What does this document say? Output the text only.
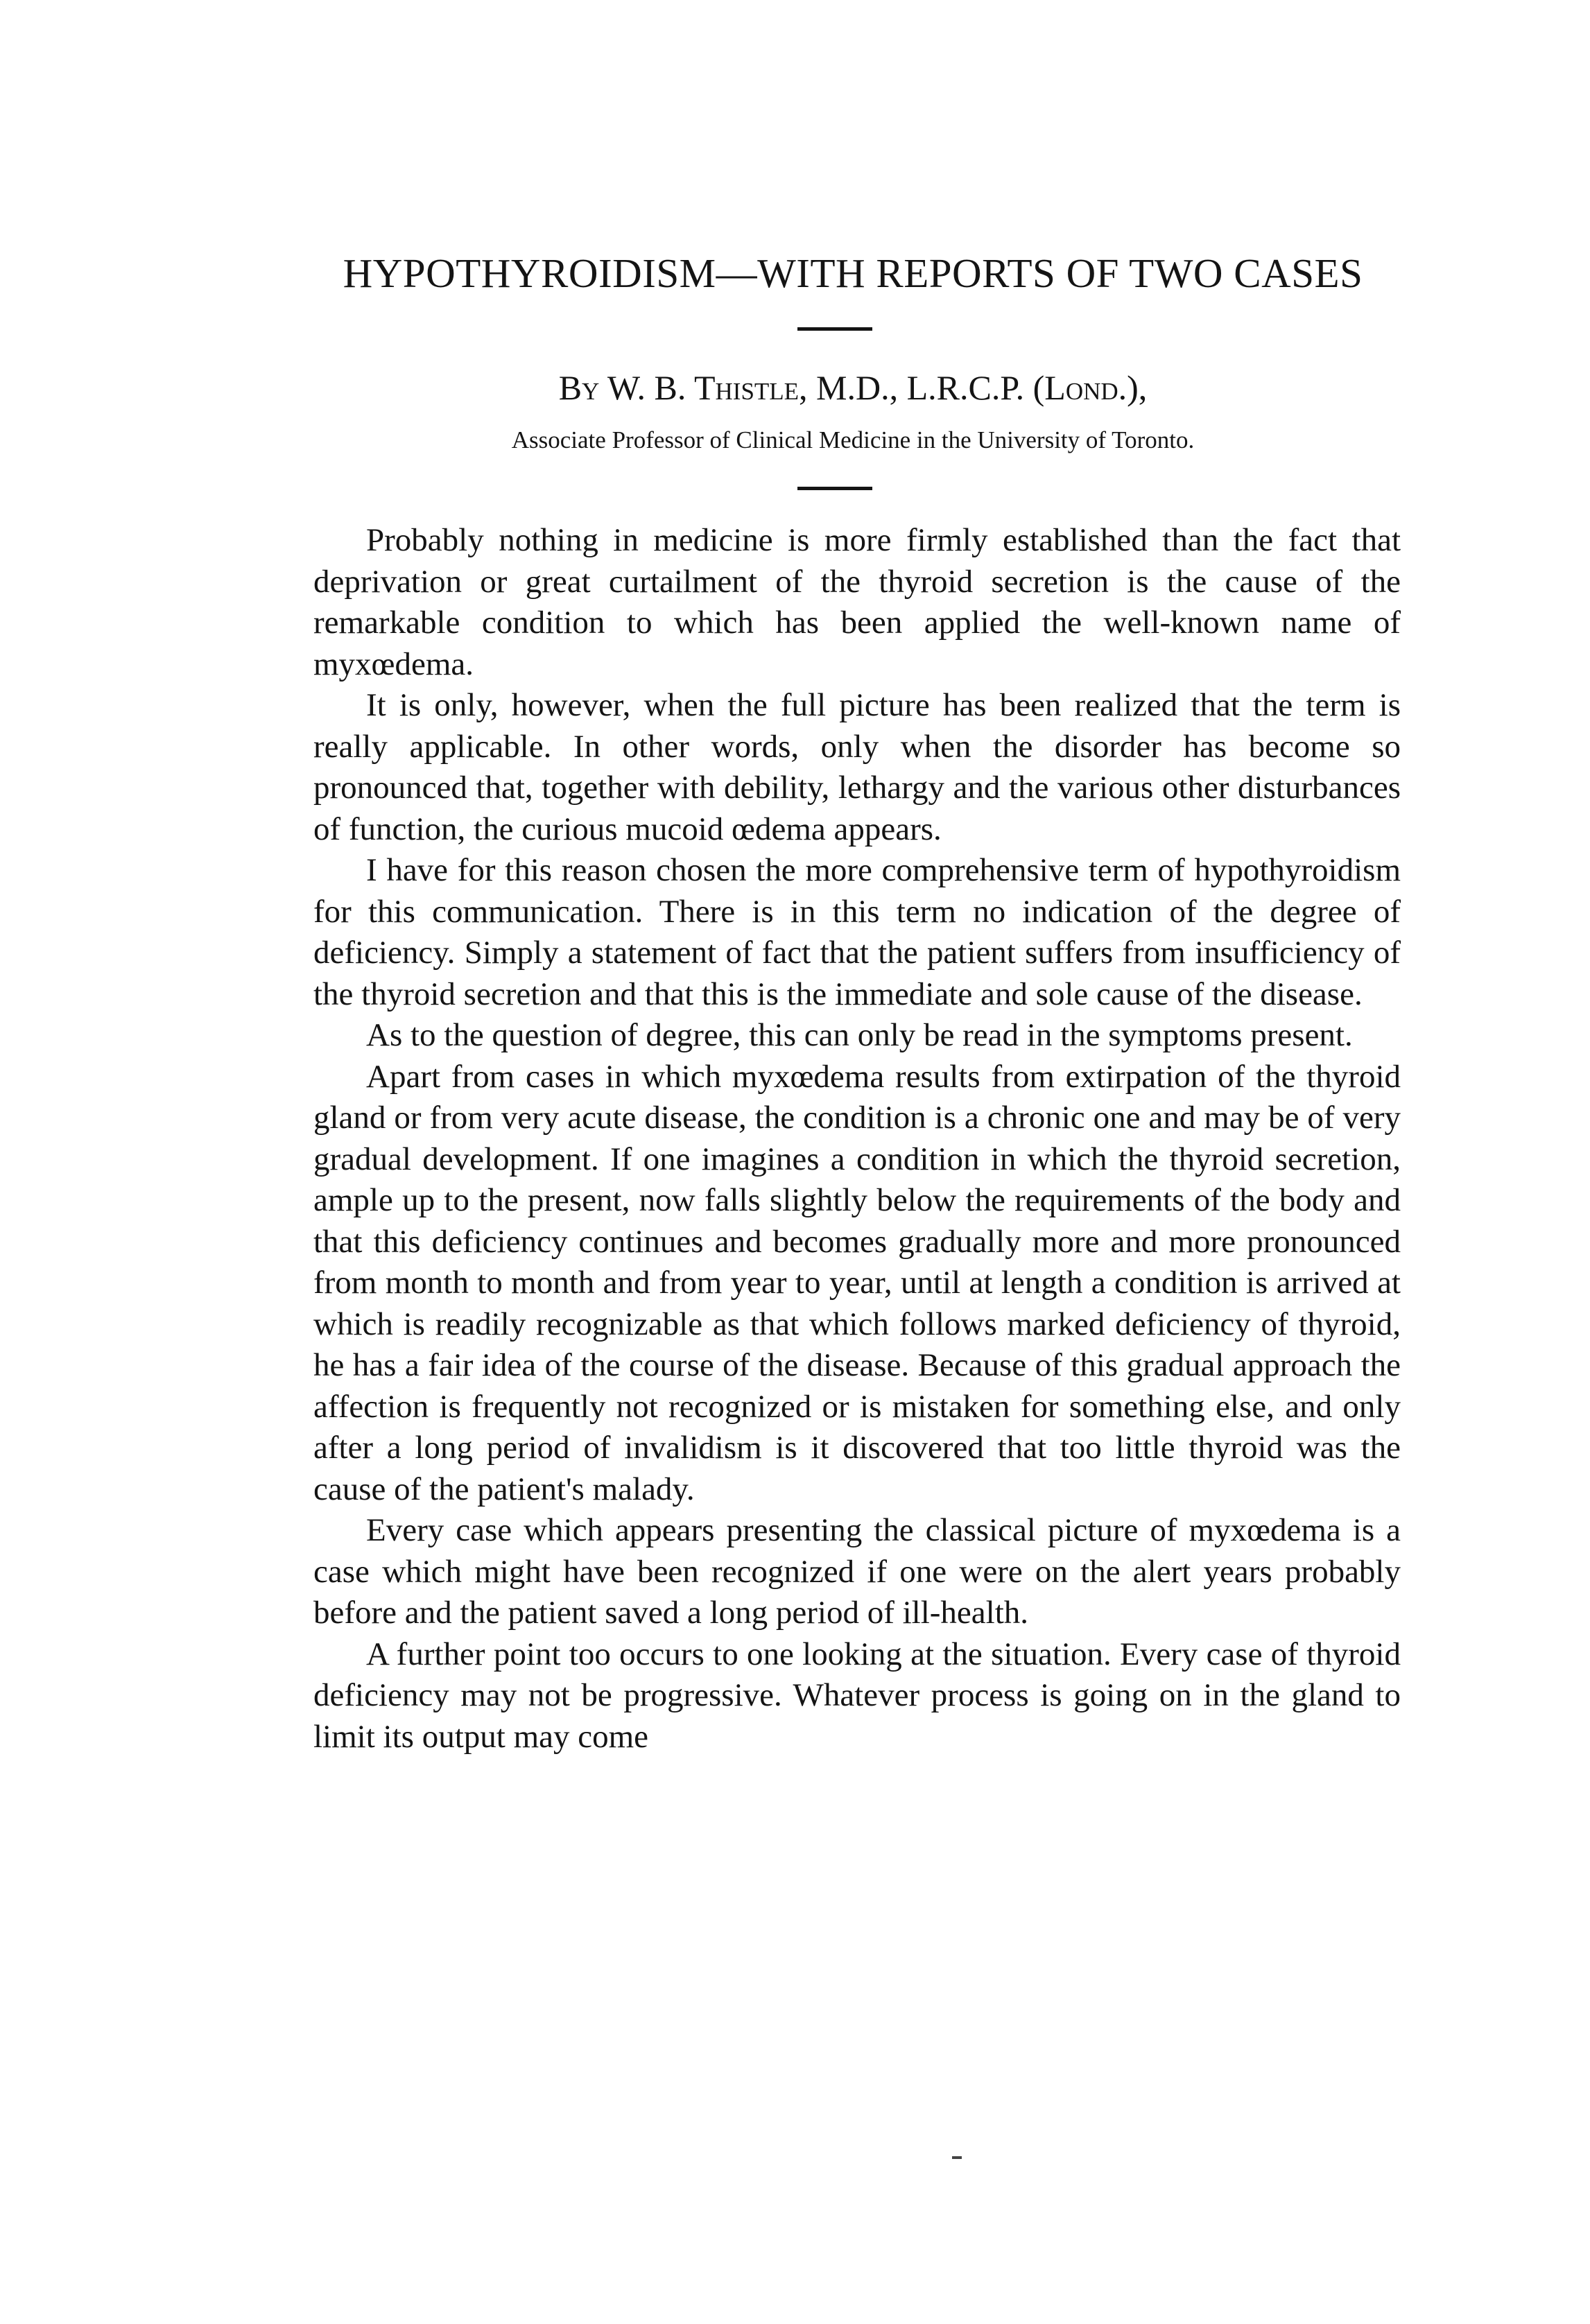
HYPOTHYROIDISM—WITH REPORTS OF TWO CASES

By W. B. Thistle, M.D., L.R.C.P. (Lond.),

Associate Professor of Clinical Medicine in the University of Toronto.

Probably nothing in medicine is more firmly established than the fact that deprivation or great curtailment of the thyroid secretion is the cause of the remarkable condition to which has been applied the well-known name of myxœdema.

It is only, however, when the full picture has been realized that the term is really applicable. In other words, only when the disorder has become so pronounced that, together with debility, lethargy and the various other disturbances of function, the curious mucoid œdema appears.

I have for this reason chosen the more comprehensive term of hypothyroidism for this communication. There is in this term no indication of the degree of deficiency. Simply a statement of fact that the patient suffers from insufficiency of the thyroid secretion and that this is the immediate and sole cause of the disease.

As to the question of degree, this can only be read in the symptoms present.

Apart from cases in which myxœdema results from extirpation of the thyroid gland or from very acute disease, the condition is a chronic one and may be of very gradual development. If one imagines a condition in which the thyroid secretion, ample up to the present, now falls slightly below the requirements of the body and that this deficiency continues and becomes gradually more and more pronounced from month to month and from year to year, until at length a condition is arrived at which is readily recognizable as that which follows marked deficiency of thyroid, he has a fair idea of the course of the disease. Because of this gradual approach the affection is frequently not recognized or is mistaken for something else, and only after a long period of invalidism is it discovered that too little thyroid was the cause of the patient's malady.

Every case which appears presenting the classical picture of myxœdema is a case which might have been recognized if one were on the alert years probably before and the patient saved a long period of ill-health.

A further point too occurs to one looking at the situation. Every case of thyroid deficiency may not be progressive. Whatever process is going on in the gland to limit its output may come
